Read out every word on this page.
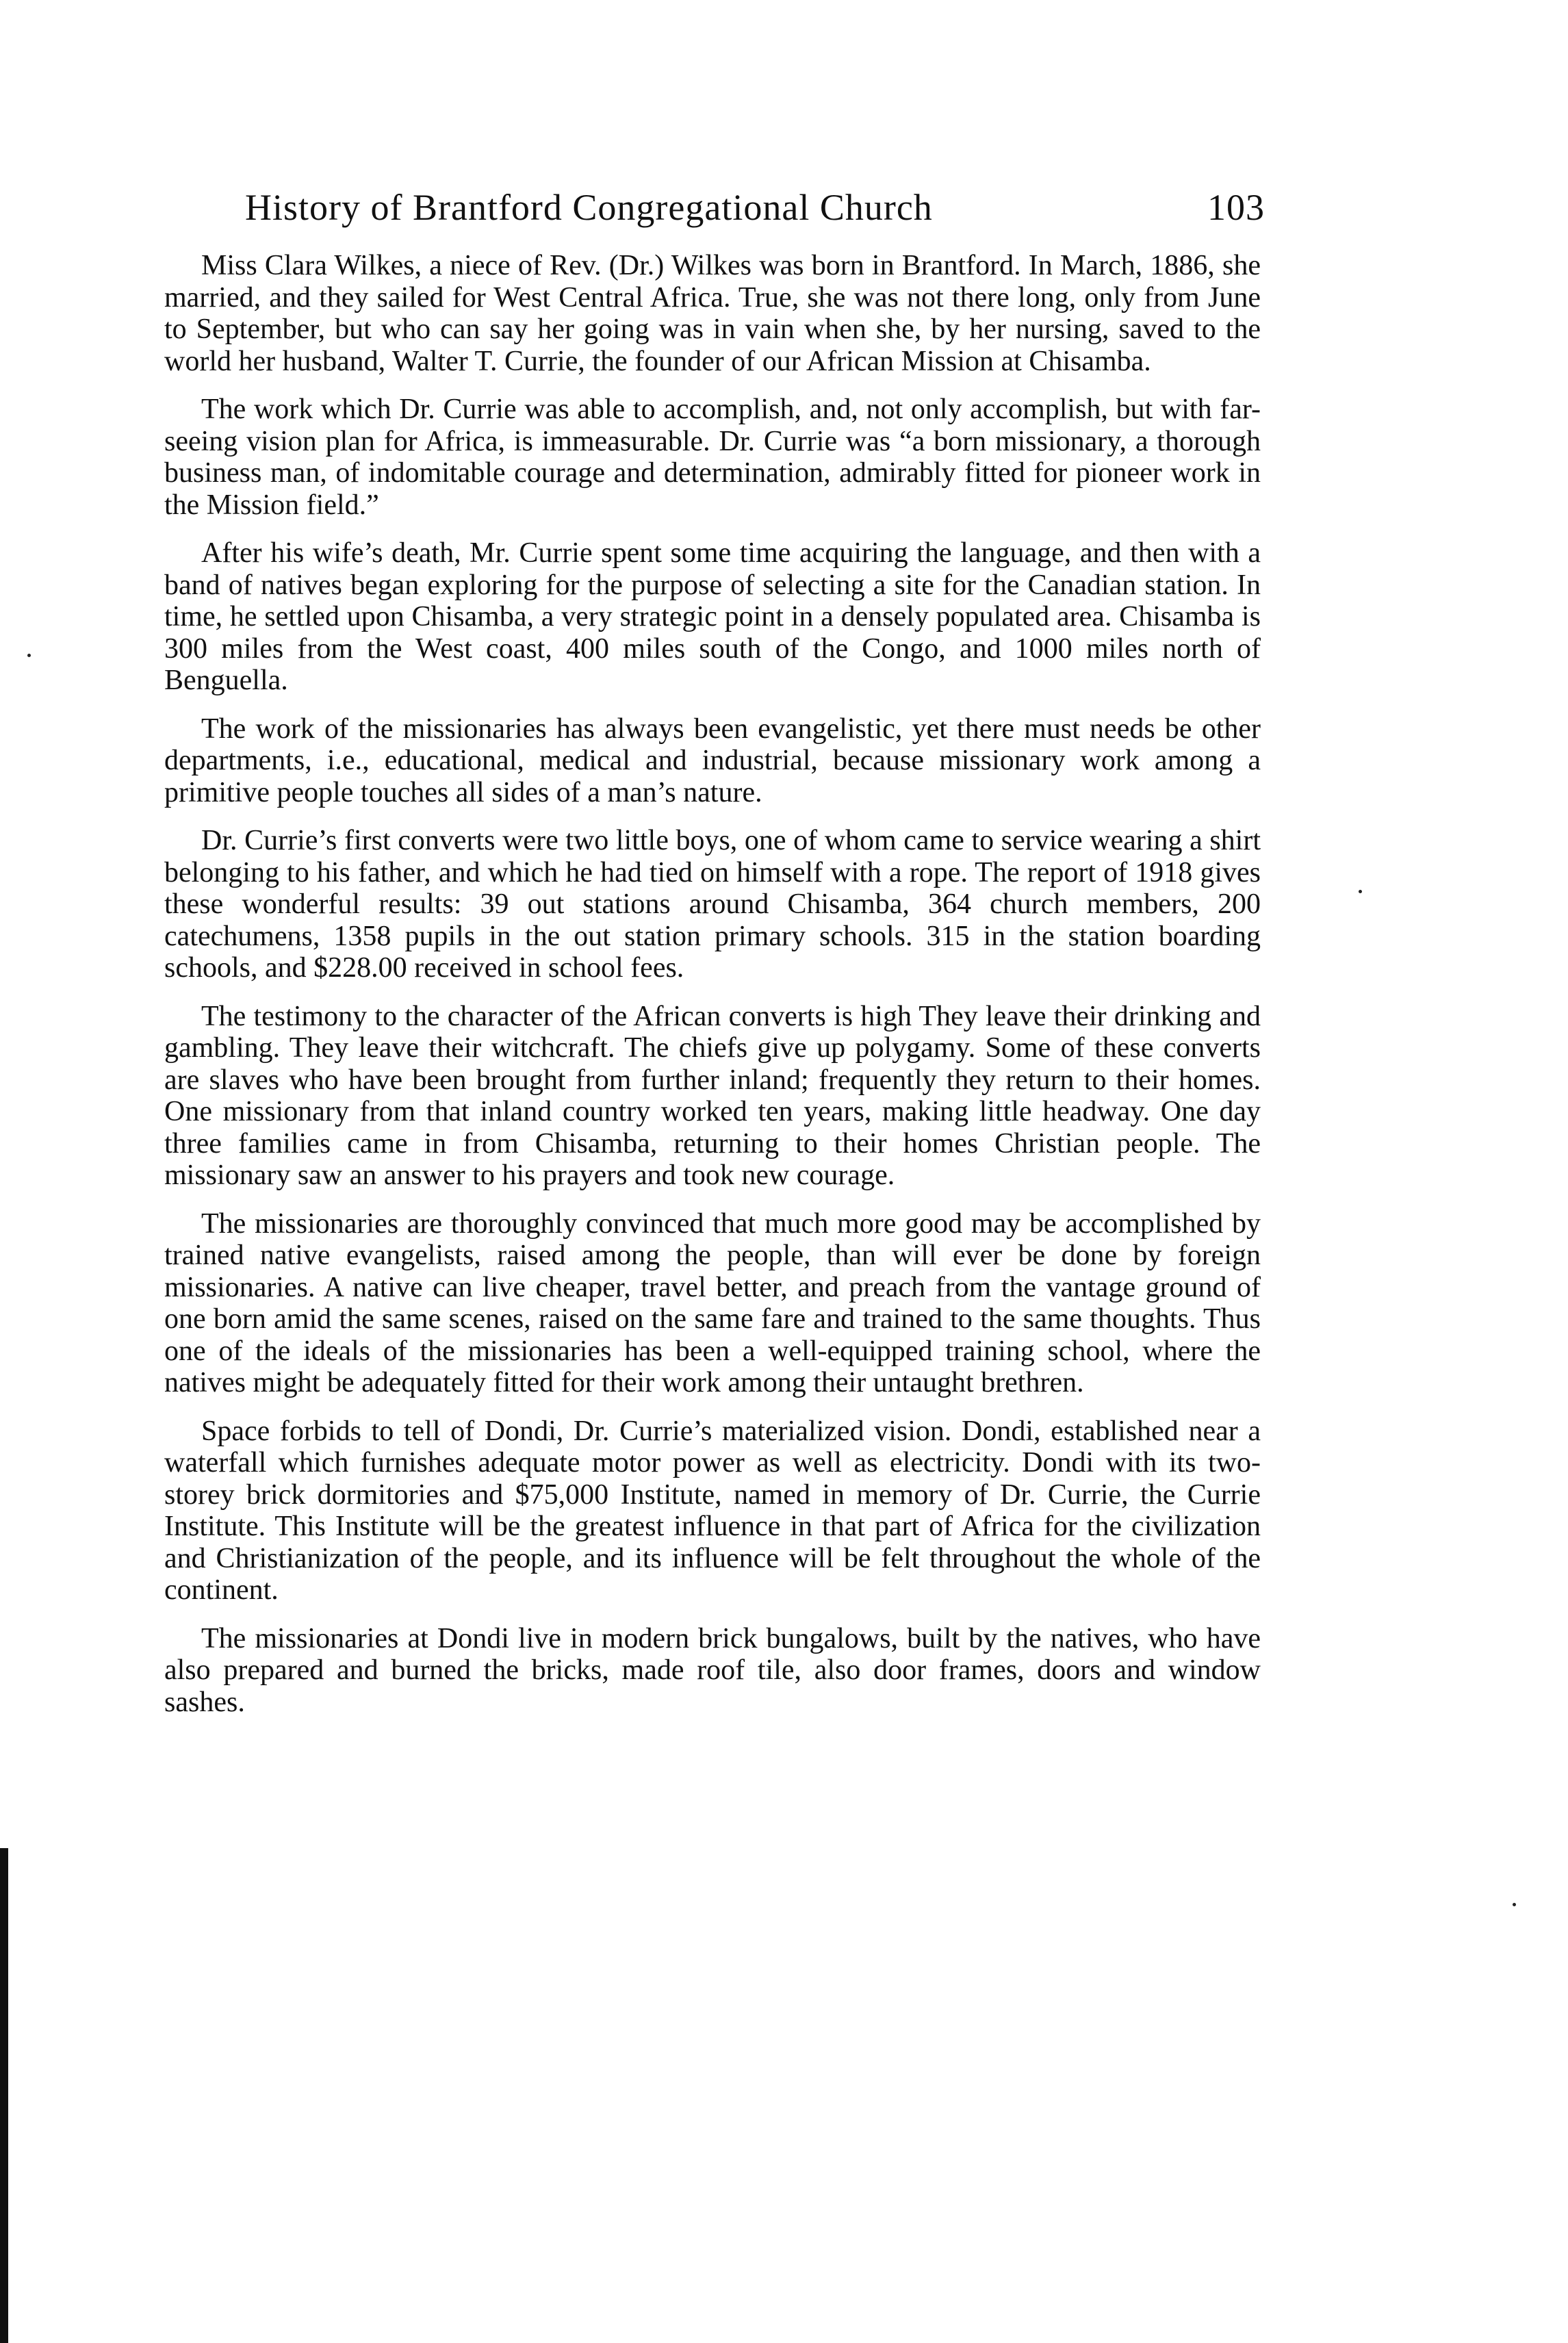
History of Brantford Congregational Church	103

Miss Clara Wilkes, a niece of Rev. (Dr.) Wilkes was born in Brantford. In March, 1886, she married, and they sailed for West Central Africa. True, she was not there long, only from June to September, but who can say her going was in vain when she, by her nursing, saved to the world her husband, Walter T. Currie, the founder of our African Mission at Chisamba.

The work which Dr. Currie was able to accomplish, and, not only accomplish, but with far-seeing vision plan for Africa, is immeasurable. Dr. Currie was “a born missionary, a thorough business man, of indomitable courage and determination, admirably fitted for pioneer work in the Mission field.”

After his wife’s death, Mr. Currie spent some time acquiring the language, and then with a band of natives began exploring for the purpose of selecting a site for the Canadian station. In time, he settled upon Chisamba, a very strategic point in a densely populated area. Chisamba is 300 miles from the West coast, 400 miles south of the Congo, and 1000 miles north of Benguella.

The work of the missionaries has always been evangelistic, yet there must needs be other departments, i.e., educational, medical and industrial, because missionary work among a primitive people touches all sides of a man’s nature.

Dr. Currie’s first converts were two little boys, one of whom came to service wearing a shirt belonging to his father, and which he had tied on himself with a rope. The report of 1918 gives these wonderful results: 39 out stations around Chisamba, 364 church members, 200 catechumens, 1358 pupils in the out station primary schools. 315 in the station boarding schools, and $228.00 received in school fees.

The testimony to the character of the African converts is high They leave their drinking and gambling. They leave their witchcraft. The chiefs give up polygamy. Some of these converts are slaves who have been brought from further inland; frequently they return to their homes. One missionary from that inland country worked ten years, making little headway. One day three families came in from Chisamba, returning to their homes Christian people. The missionary saw an answer to his prayers and took new courage.

The missionaries are thoroughly convinced that much more good may be accomplished by trained native evangelists, raised among the people, than will ever be done by foreign missionaries. A native can live cheaper, travel better, and preach from the vantage ground of one born amid the same scenes, raised on the same fare and trained to the same thoughts. Thus one of the ideals of the missionaries has been a well-equipped training school, where the natives might be adequately fitted for their work among their untaught brethren.

Space forbids to tell of Dondi, Dr. Currie’s materialized vision. Dondi, established near a waterfall which furnishes adequate motor power as well as electricity. Dondi with its two-storey brick dormitories and $75,000 Institute, named in memory of Dr. Currie, the Currie Institute. This Institute will be the greatest influence in that part of Africa for the civilization and Christianization of the people, and its influence will be felt throughout the whole of the continent.

The missionaries at Dondi live in modern brick bungalows, built by the natives, who have also prepared and burned the bricks, made roof tile, also door frames, doors and window sashes.
